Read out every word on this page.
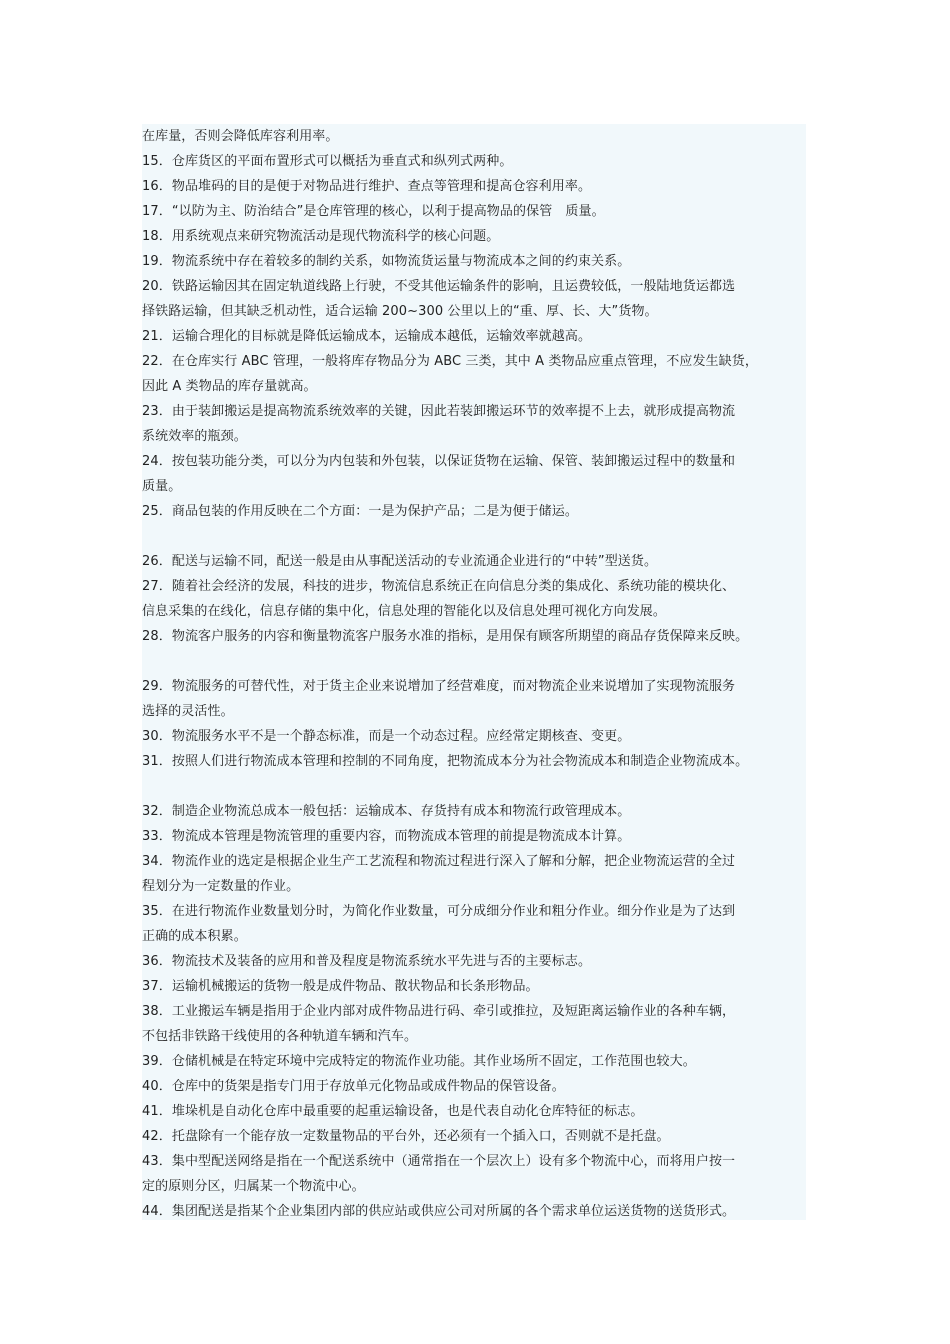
在库量，否则会降低库容利用率。
15．仓库货区的平面布置形式可以概括为垂直式和纵列式两种。
16．物品堆码的目的是便于对物品进行维护、查点等管理和提高仓容利用率。
17．“以防为主、防治结合”是仓库管理的核心，以利于提高物品的保管　质量。
18．用系统观点来研究物流活动是现代物流科学的核心问题。
19．物流系统中存在着较多的制约关系，如物流货运量与物流成本之间的约束关系。
20．铁路运输因其在固定轨道线路上行驶，不受其他运输条件的影响，且运费较低，一般陆地货运都选
择铁路运输，但其缺乏机动性，适合运输 200~300 公里以上的“重、厚、长、大”货物。
21．运输合理化的目标就是降低运输成本，运输成本越低，运输效率就越高。
22．在仓库实行 ABC 管理，一般将库存物品分为 ABC 三类，其中 A 类物品应重点管理，不应发生缺货，
因此 A 类物品的库存量就高。
23．由于装卸搬运是提高物流系统效率的关键，因此若装卸搬运环节的效率提不上去，就形成提高物流
系统效率的瓶颈。
24．按包装功能分类，可以分为内包装和外包装，以保证货物在运输、保管、装卸搬运过程中的数量和
质量。
25．商品包装的作用反映在二个方面：一是为保护产品；二是为便于储运。
26．配送与运输不同，配送一般是由从事配送活动的专业流通企业进行的“中转”型送货。
27．随着社会经济的发展，科技的进步，物流信息系统正在向信息分类的集成化、系统功能的模块化、
信息采集的在线化，信息存储的集中化，信息处理的智能化以及信息处理可视化方向发展。
28．物流客户服务的内容和衡量物流客户服务水准的指标，是用保有顾客所期望的商品存货保障来反映。
29．物流服务的可替代性，对于货主企业来说增加了经营难度，而对物流企业来说增加了实现物流服务
选择的灵活性。
30．物流服务水平不是一个静态标准，而是一个动态过程。应经常定期核查、变更。
31．按照人们进行物流成本管理和控制的不同角度，把物流成本分为社会物流成本和制造企业物流成本。
32．制造企业物流总成本一般包括：运输成本、存货持有成本和物流行政管理成本。
33．物流成本管理是物流管理的重要内容，而物流成本管理的前提是物流成本计算。
34．物流作业的选定是根据企业生产工艺流程和物流过程进行深入了解和分解，把企业物流运营的全过
程划分为一定数量的作业。
35．在进行物流作业数量划分时，为简化作业数量，可分成细分作业和粗分作业。细分作业是为了达到
正确的成本积累。
36．物流技术及装备的应用和普及程度是物流系统水平先进与否的主要标志。
37．运输机械搬运的货物一般是成件物品、散状物品和长条形物品。
38．工业搬运车辆是指用于企业内部对成件物品进行码、牵引或推拉，及短距离运输作业的各种车辆，
不包括非铁路干线使用的各种轨道车辆和汽车。
39．仓储机械是在特定环境中完成特定的物流作业功能。其作业场所不固定，工作范围也较大。
40．仓库中的货架是指专门用于存放单元化物品或成件物品的保管设备。
41．堆垛机是自动化仓库中最重要的起重运输设备，也是代表自动化仓库特征的标志。
42．托盘除有一个能存放一定数量物品的平台外，还必须有一个插入口，否则就不是托盘。
43．集中型配送网络是指在一个配送系统中（通常指在一个层次上）设有多个物流中心，而将用户按一
定的原则分区，归属某一个物流中心。
44．集团配送是指某个企业集团内部的供应站或供应公司对所属的各个需求单位运送货物的送货形式。
